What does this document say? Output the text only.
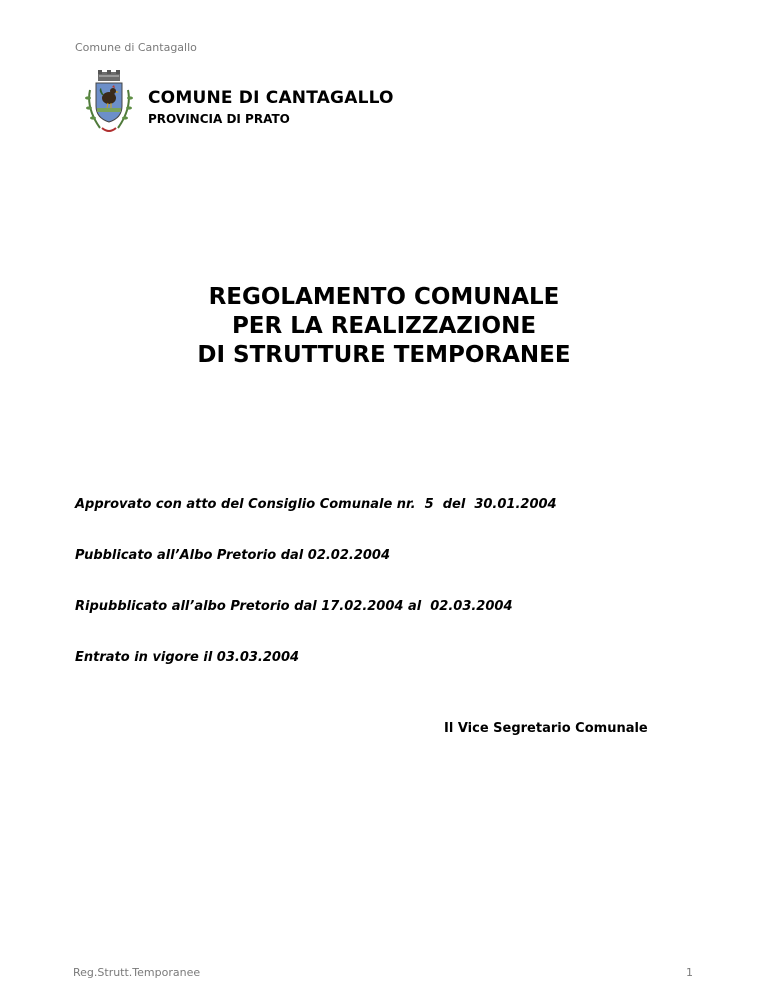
Comune di Cantagallo
COMUNE DI CANTAGALLO
PROVINCIA DI PRATO
REGOLAMENTO COMUNALE
PER LA REALIZZAZIONE
DI STRUTTURE TEMPORANEE

Approvato con atto del Consiglio Comunale nr.  5  del  30.01.2004

Pubblicato all’Albo Pretorio dal 02.02.2004

Ripubblicato all’albo Pretorio dal 17.02.2004 al  02.03.2004

Entrato in vigore il 03.03.2004

Il Vice Segretario Comunale
Reg.Strutt.Temporanee	1
